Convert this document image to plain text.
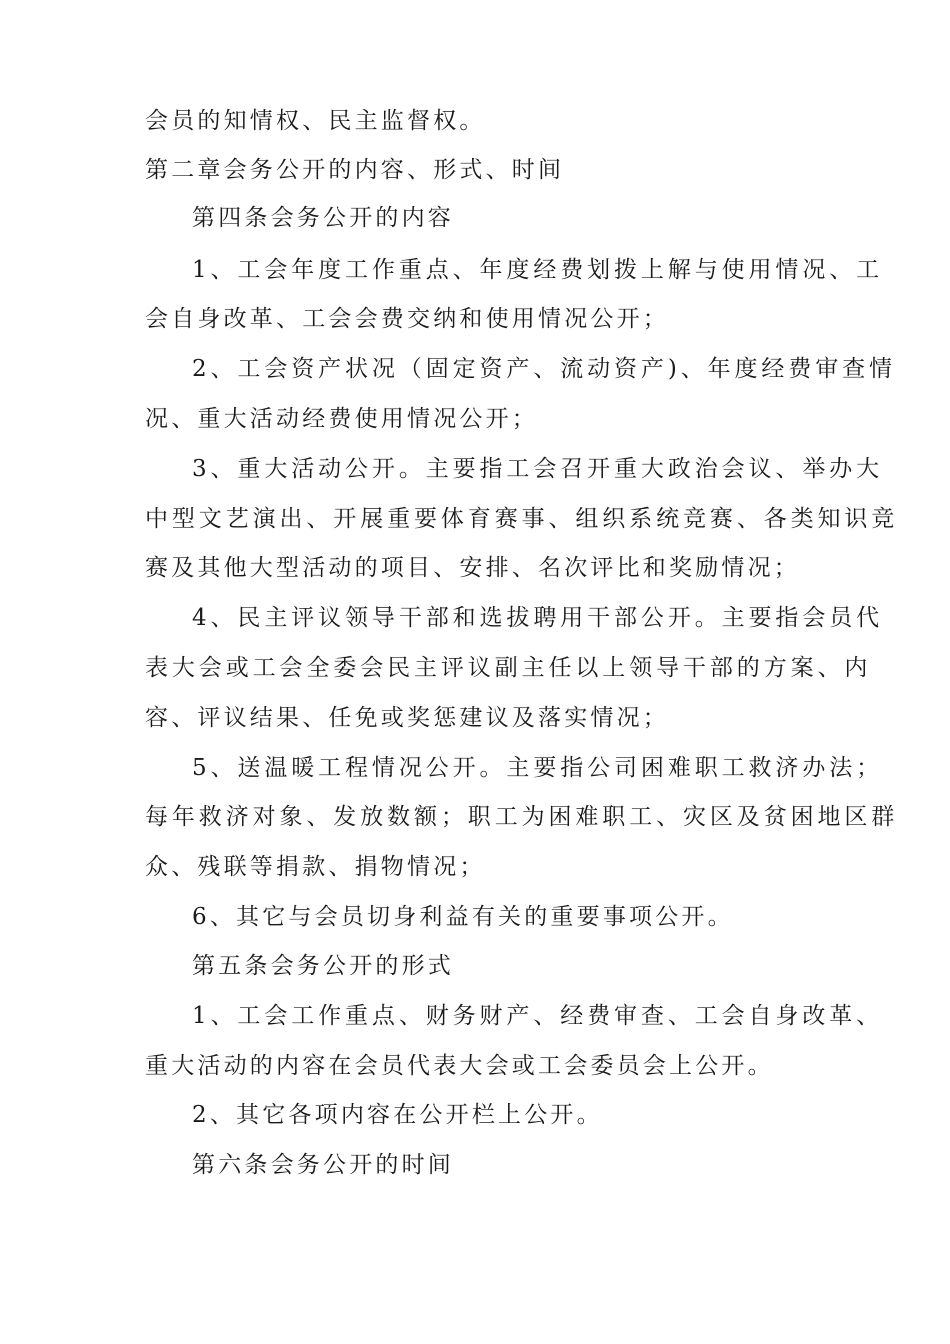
会员的知情权、民主监督权。
第二章会务公开的内容、形式、时间
第四条会务公开的内容
1、工会年度工作重点、年度经费划拨上解与使用情况、工
会自身改革、工会会费交纳和使用情况公开；
2、工会资产状况（固定资产、流动资产)、年度经费审查情
况、重大活动经费使用情况公开；
3、重大活动公开。主要指工会召开重大政治会议、举办大
中型文艺演出、开展重要体育赛事、组织系统竞赛、各类知识竞
赛及其他大型活动的项目、安排、名次评比和奖励情况；
4、民主评议领导干部和选拔聘用干部公开。主要指会员代
表大会或工会全委会民主评议副主任以上领导干部的方案、内
容、评议结果、任免或奖惩建议及落实情况；
5、送温暖工程情况公开。主要指公司困难职工救济办法；
每年救济对象、发放数额；职工为困难职工、灾区及贫困地区群
众、残联等捐款、捐物情况；
6、其它与会员切身利益有关的重要事项公开。
第五条会务公开的形式
1、工会工作重点、财务财产、经费审查、工会自身改革、
重大活动的内容在会员代表大会或工会委员会上公开。
2、其它各项内容在公开栏上公开。
第六条会务公开的时间
